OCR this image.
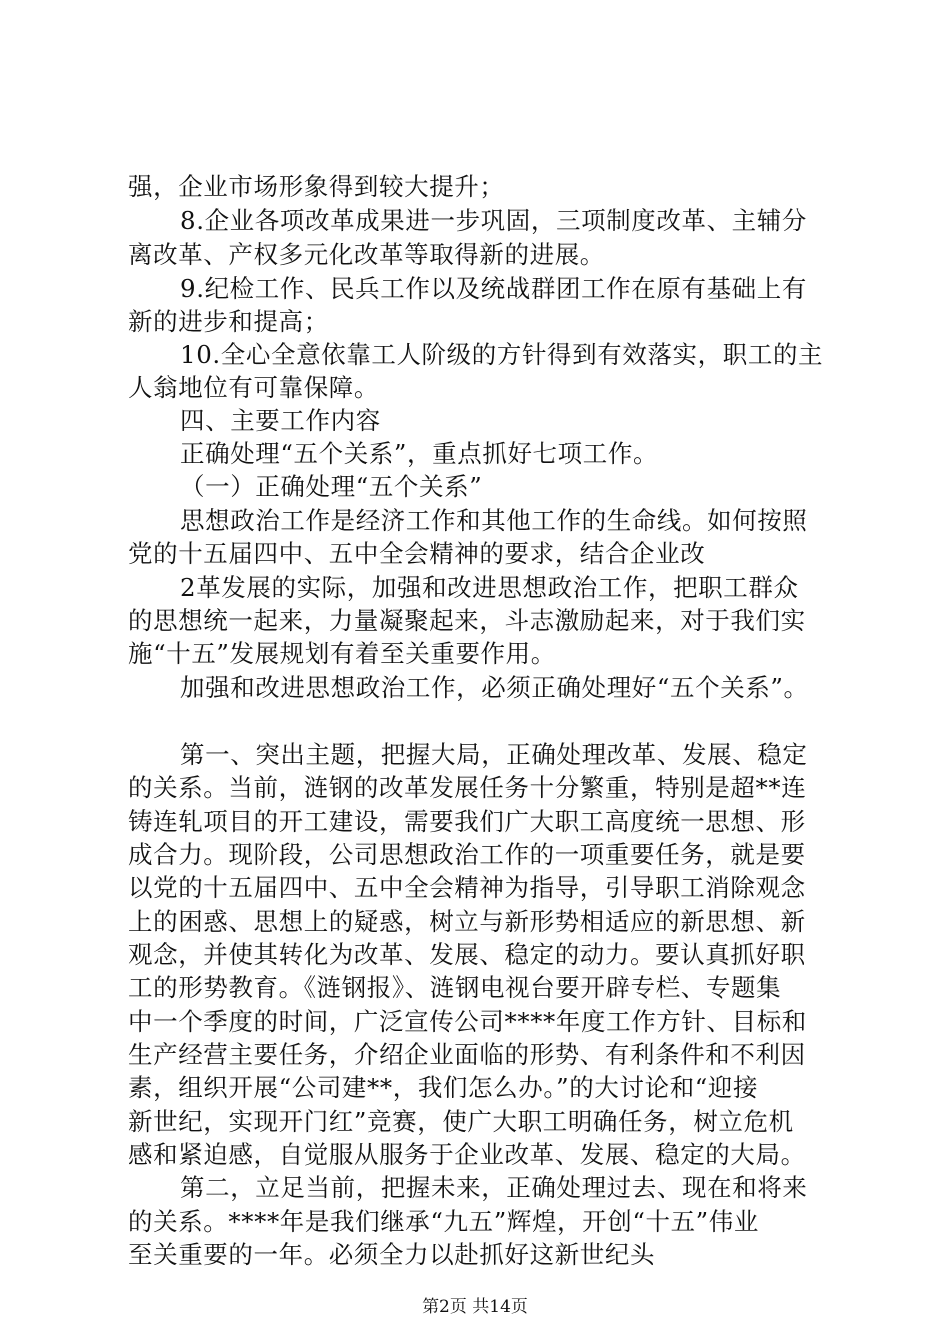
强，企业市场形象得到较大提升；
8.企业各项改革成果进一步巩固，三项制度改革、主辅分
离改革、产权多元化改革等取得新的进展。
9.纪检工作、民兵工作以及统战群团工作在原有基础上有
新的进步和提高；
10.全心全意依靠工人阶级的方针得到有效落实，职工的主
人翁地位有可靠保障。
四、主要工作内容
正确处理“五个关系”，重点抓好七项工作。
（一）正确处理“五个关系”
思想政治工作是经济工作和其他工作的生命线。如何按照
党的十五届四中、五中全会精神的要求，结合企业改
2革发展的实际，加强和改进思想政治工作，把职工群众
的思想统一起来，力量凝聚起来，斗志激励起来，对于我们实
施“十五”发展规划有着至关重要作用。
加强和改进思想政治工作，必须正确处理好“五个关系”。
第一、突出主题，把握大局，正确处理改革、发展、稳定
的关系。当前，涟钢的改革发展任务十分繁重，特别是超**连
铸连轧项目的开工建设，需要我们广大职工高度统一思想、形
成合力。现阶段，公司思想政治工作的一项重要任务，就是要
以党的十五届四中、五中全会精神为指导，引导职工消除观念
上的困惑、思想上的疑惑，树立与新形势相适应的新思想、新
观念，并使其转化为改革、发展、稳定的动力。要认真抓好职
工的形势教育。《涟钢报》、涟钢电视台要开辟专栏、专题集
中一个季度的时间，广泛宣传公司****年度工作方针、目标和
生产经营主要任务，介绍企业面临的形势、有利条件和不利因
素，组织开展“公司建**，我们怎么办。”的大讨论和“迎接
新世纪，实现开门红”竞赛，使广大职工明确任务，树立危机
感和紧迫感，自觉服从服务于企业改革、发展、稳定的大局。
第二，立足当前，把握未来，正确处理过去、现在和将来
的关系。****年是我们继承“九五”辉煌，开创“十五”伟业
至关重要的一年。必须全力以赴抓好这新世纪头
第2页 共14页
